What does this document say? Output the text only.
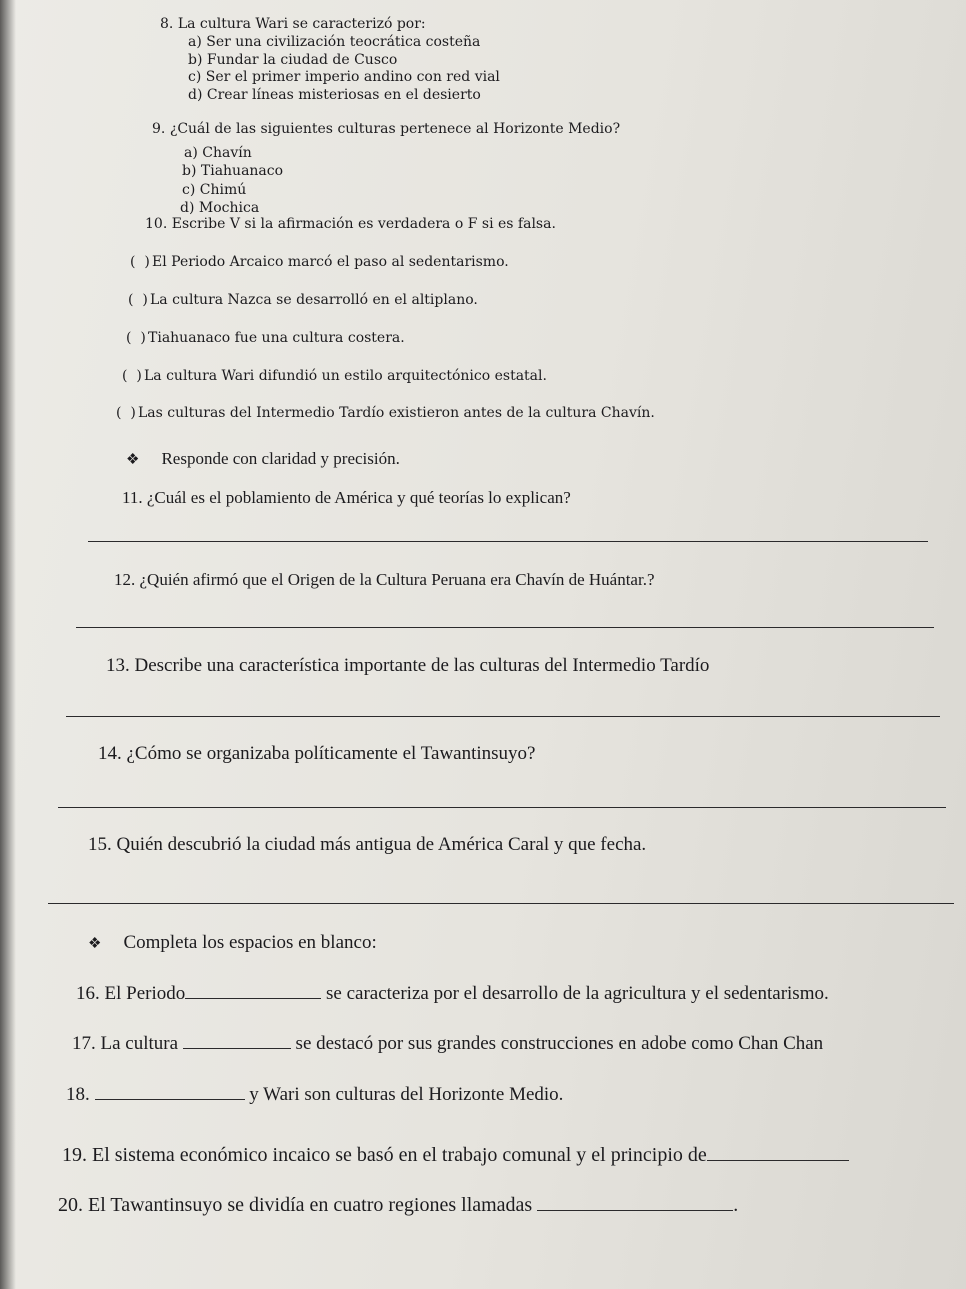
8. La cultura Wari se caracterizó por:
a) Ser una civilización teocrática costeña
b) Fundar la ciudad de Cusco
c) Ser el primer imperio andino con red vial
d) Crear líneas misteriosas en el desierto
9. ¿Cuál de las siguientes culturas pertenece al Horizonte Medio?
a) Chavín
b) Tiahuanaco
c) Chimú
d) Mochica
10. Escribe V si la afirmación es verdadera o F si es falsa.
(  ) El Periodo Arcaico marcó el paso al sedentarismo.
(  ) La cultura Nazca se desarrolló en el altiplano.
(  ) Tiahuanaco fue una cultura costera.
(  ) La cultura Wari difundió un estilo arquitectónico estatal.
(  ) Las culturas del Intermedio Tardío existieron antes de la cultura Chavín.
❖ Responde con claridad y precisión.
11. ¿Cuál es el poblamiento de América y qué teorías lo explican?
12. ¿Quién afirmó que el Origen de la Cultura Peruana era Chavín de Huántar.?
13. Describe una característica importante de las culturas del Intermedio Tardío
14. ¿Cómo se organizaba políticamente el Tawantinsuyo?
15. Quién descubrió la ciudad más antigua de América Caral y que fecha.
❖ Completa los espacios en blanco:
16. El Periodo	se caracteriza por el desarrollo de la agricultura y el sedentarismo.
17. La cultura	se destacó por sus grandes construcciones en adobe como Chan Chan
18.	y Wari son culturas del Horizonte Medio.
19. El sistema económico incaico se basó en el trabajo comunal y el principio de
20. El Tawantinsuyo se dividía en cuatro regiones llamadas	.
